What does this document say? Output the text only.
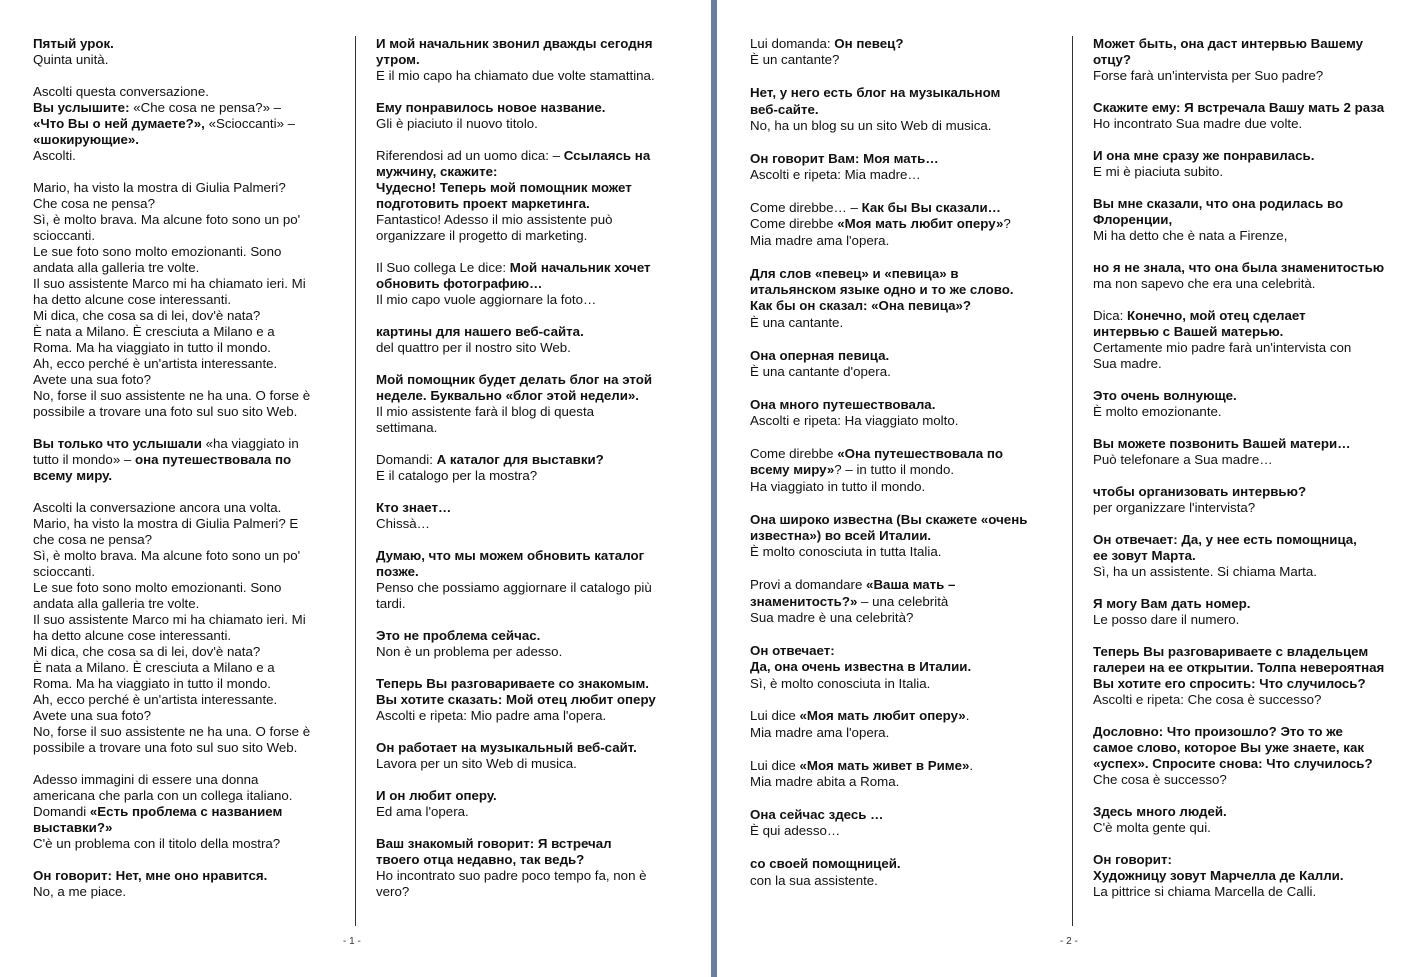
Пятый урок.
Quinta unità.
Ascolti questa conversazione.
Вы услышите: «Che cosa ne pensa?» –
«Что Вы о ней думаете?», «Scioccanti» –
«шокирующие».
Ascolti.
Mario, ha visto la mostra di Giulia Palmeri?
Che cosa ne pensa?
Sì, è molto brava. Ma alcune foto sono un po'
scioccanti.
Le sue foto sono molto emozionanti. Sono
andata alla galleria tre volte.
Il suo assistente Marco mi ha chiamato ieri. Mi
ha detto alcune cose interessanti.
Mi dica, che cosa sa di lei, dov'è nata?
È nata a Milano. È cresciuta a Milano e a
Roma. Ma ha viaggiato in tutto il mondo.
Ah, ecco perché è un'artista interessante.
Avete una sua foto?
No, forse il suo assistente ne ha una. O forse è
possibile a trovare una foto sul suo sito Web.
Вы только что услышали «ha viaggiato in
tutto il mondo» – она путешествовала по
всему миру.
Ascolti la conversazione ancora una volta.
Mario, ha visto la mostra di Giulia Palmeri? E
che cosa ne pensa?
Sì, è molto brava. Ma alcune foto sono un po'
scioccanti.
Le sue foto sono molto emozionanti. Sono
andata alla galleria tre volte.
Il suo assistente Marco mi ha chiamato ieri. Mi
ha detto alcune cose interessanti.
Mi dica, che cosa sa di lei, dov'è nata?
È nata a Milano. È cresciuta a Milano e a
Roma. Ma ha viaggiato in tutto il mondo.
Ah, ecco perché è un'artista interessante.
Avete una sua foto?
No, forse il suo assistente ne ha una. O forse è
possibile a trovare una foto sul suo sito Web.
Adesso immagini di essere una donna
americana che parla con un collega italiano.
Domandi «Есть проблема с названием
выставки?»
C'è un problema con il titolo della mostra?
Он говорит: Нет, мне оно нравится.
No, a me piace.
И мой начальник звонил дважды сегодня
утром.
E il mio capo ha chiamato due volte stamattina.
Ему понравилось новое название.
Gli è piaciuto il nuovo titolo.
Riferendosi ad un uomo dica: – Ссылаясь на
мужчину, скажите:
Чудесно! Теперь мой помощник может
подготовить проект маркетинга.
Fantastico! Adesso il mio assistente può
organizzare il progetto di marketing.
Il Suo collega Le dice: Мой начальник хочет
обновить фотографию…
Il mio capo vuole aggiornare la foto…
картины для нашего веб-сайта.
del quattro per il nostro sito Web.
Мой помощник будет делать блог на этой
неделе. Буквально «блог этой недели».
Il mio assistente farà il blog di questa
settimana.
Domandi: А каталог для выставки?
E il catalogo per la mostra?
Кто знает…
Chissà…
Думаю, что мы можем обновить каталог
позже.
Penso che possiamo aggiornare il catalogo più
tardi.
Это не проблема сейчас.
Non è un problema per adesso.
Теперь Вы разговариваете со знакомым.
Вы хотите сказать: Мой отец любит оперу
Ascolti e ripeta: Mio padre ama l'opera.
Он работает на музыкальный веб-сайт.
Lavora per un sito Web di musica.
И он любит оперу.
Ed ama l'opera.
Ваш знакомый говорит: Я встречал
твоего отца недавно, так ведь?
Ho incontrato suo padre poco tempo fa, non è
vero?
- 1 -
Lui domanda: Он певец?
È un cantante?
Нет, у него есть блог на музыкальном
веб-сайте.
No, ha un blog su un sito Web di musica.
Он говорит Вам: Моя мать…
Ascolti e ripeta: Mia madre…
Come direbbe… – Как бы Вы сказали…
Come direbbe «Моя мать любит оперу»?
Mia madre ama l'opera.
Для слов «певец» и «певица» в
итальянском языке одно и то же слово.
Как бы он сказал: «Она певица»?
È una cantante.
Она оперная певица.
È una cantante d'opera.
Она много путешествовала.
Ascolti e ripeta: Ha viaggiato molto.
Come direbbe «Она путешествовала по
всему миру»? – in tutto il mondo.
Ha viaggiato in tutto il mondo.
Она широко известна (Вы скажете «очень
известна») во всей Италии.
È molto conosciuta in tutta Italia.
Provi a domandare «Ваша мать –
знаменитость?» – una celebrità
Sua madre è una celebrità?
Он отвечает:
Да, она очень известна в Италии.
Sì, è molto conosciuta in Italia.
Lui dice «Моя мать любит оперу».
Mia madre ama l'opera.
Lui dice «Моя мать живет в Риме».
Mia madre abita a Roma.
Она сейчас здесь …
È qui adesso…
со своей помощницей.
con la sua assistente.
Может быть, она даст интервью Вашему
отцу?
Forse farà un'intervista per Suo padre?
Скажите ему: Я встречала Вашу мать 2 раза
Ho incontrato Sua madre due volte.
И она мне сразу же понравилась.
E mi è piaciuta subito.
Вы мне сказали, что она родилась во
Флоренции,
Mi ha detto che è nata a Firenze,
но я не знала, что она была знаменитостью
ma non sapevo che era una celebrità.
Dica: Конечно, мой отец сделает
интервью с Вашей матерью.
Certamente mio padre farà un'intervista con
Sua madre.
Это очень волнующе.
È molto emozionante.
Вы можете позвонить Вашей матери…
Può telefonare a Sua madre…
чтобы организовать интервью?
per organizzare l'intervista?
Он отвечает: Да, у нее есть помощница,
ее зовут Марта.
Sì, ha un assistente. Si chiama Marta.
Я могу Вам дать номер.
Le posso dare il numero.
Теперь Вы разговариваете с владельцем
галереи на ее открытии. Толпа невероятная
Вы хотите его спросить: Что случилось?
Ascolti e ripeta: Che cosa è successo?
Дословно: Что произошло? Это то же
самое слово, которое Вы уже знаете, как
«успех». Спросите снова: Что случилось?
Che cosa è successo?
Здесь много людей.
C'è molta gente qui.
Он говорит:
Художницу зовут Марчелла де Калли.
La pittrice si chiama Marcella de Calli.
- 2 -
